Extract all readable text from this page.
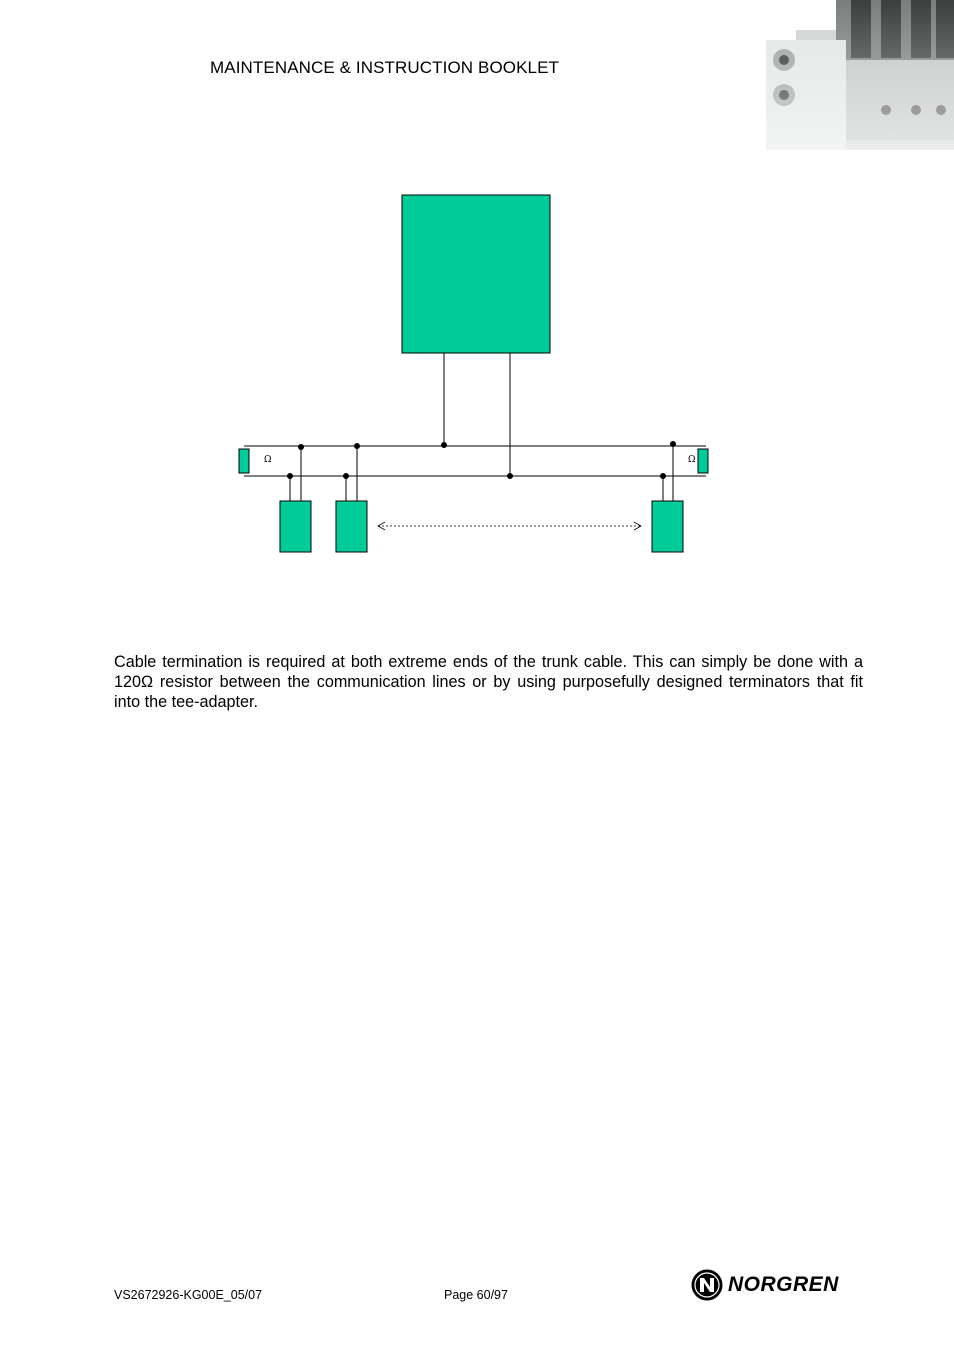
MAINTENANCE & INSTRUCTION BOOKLET
Ω	Ω

Cable termination is required at both extreme ends of the trunk cable. This can simply be done with a 120Ω resistor between the communication lines or by using purposefully designed terminators that fit into the tee-adapter.

VS2672926-KG00E_05/07	Page 60/97	NORGREN
